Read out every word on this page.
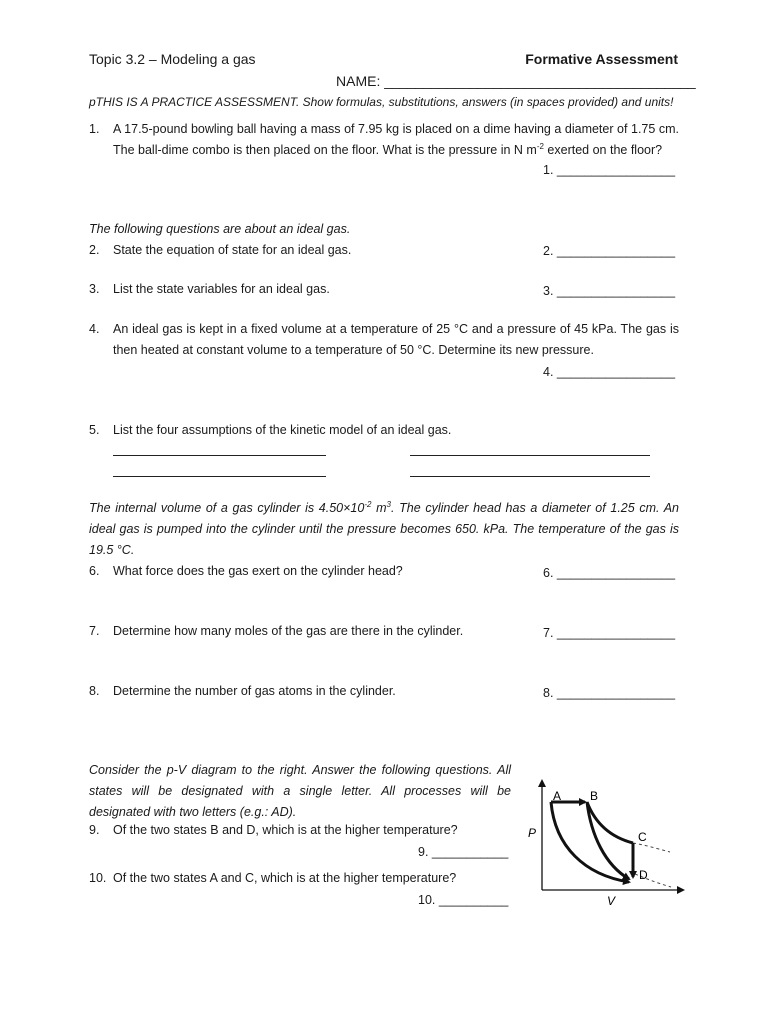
Topic 3.2 – Modeling a gas	Formative Assessment
NAME: ________________________________________
pTHIS IS A PRACTICE ASSESSMENT. Show formulas, substitutions, answers (in spaces provided) and units!
1. A 17.5-pound bowling ball having a mass of 7.95 kg is placed on a dime having a diameter of 1.75 cm. The ball-dime combo is then placed on the floor. What is the pressure in N $m^{-2}$ exerted on the floor?
1. _________________
The following questions are about an ideal gas.
2. State the equation of state for an ideal gas.	2. _________________
3. List the state variables for an ideal gas.	3. _________________
4. An ideal gas is kept in a fixed volume at a temperature of 25 °C and a pressure of 45 kPa. The gas is then heated at constant volume to a temperature of 50 °C. Determine its new pressure.
4. _________________
5. List the four assumptions of the kinetic model of an ideal gas.
The internal volume of a gas cylinder is $4.50\times 10^{-2}$ $m^3$. The cylinder head has a diameter of 1.25 cm. An ideal gas is pumped into the cylinder until the pressure becomes 650. kPa. The temperature of the gas is 19.5 °C.
6. What force does the gas exert on the cylinder head?	6. _________________
7. Determine how many moles of the gas are there in the cylinder.	7. _________________
8. Determine the number of gas atoms in the cylinder.	8. _________________
Consider the p-V diagram to the right. Answer the following questions. All states will be designated with a single letter. All processes will be designated with two letters (e.g.: AD).
9. Of the two states B and D, which is at the higher temperature?
9. ___________
10. Of the two states A and C, which is at the higher temperature?
10. __________
A B
C
D
P
V
